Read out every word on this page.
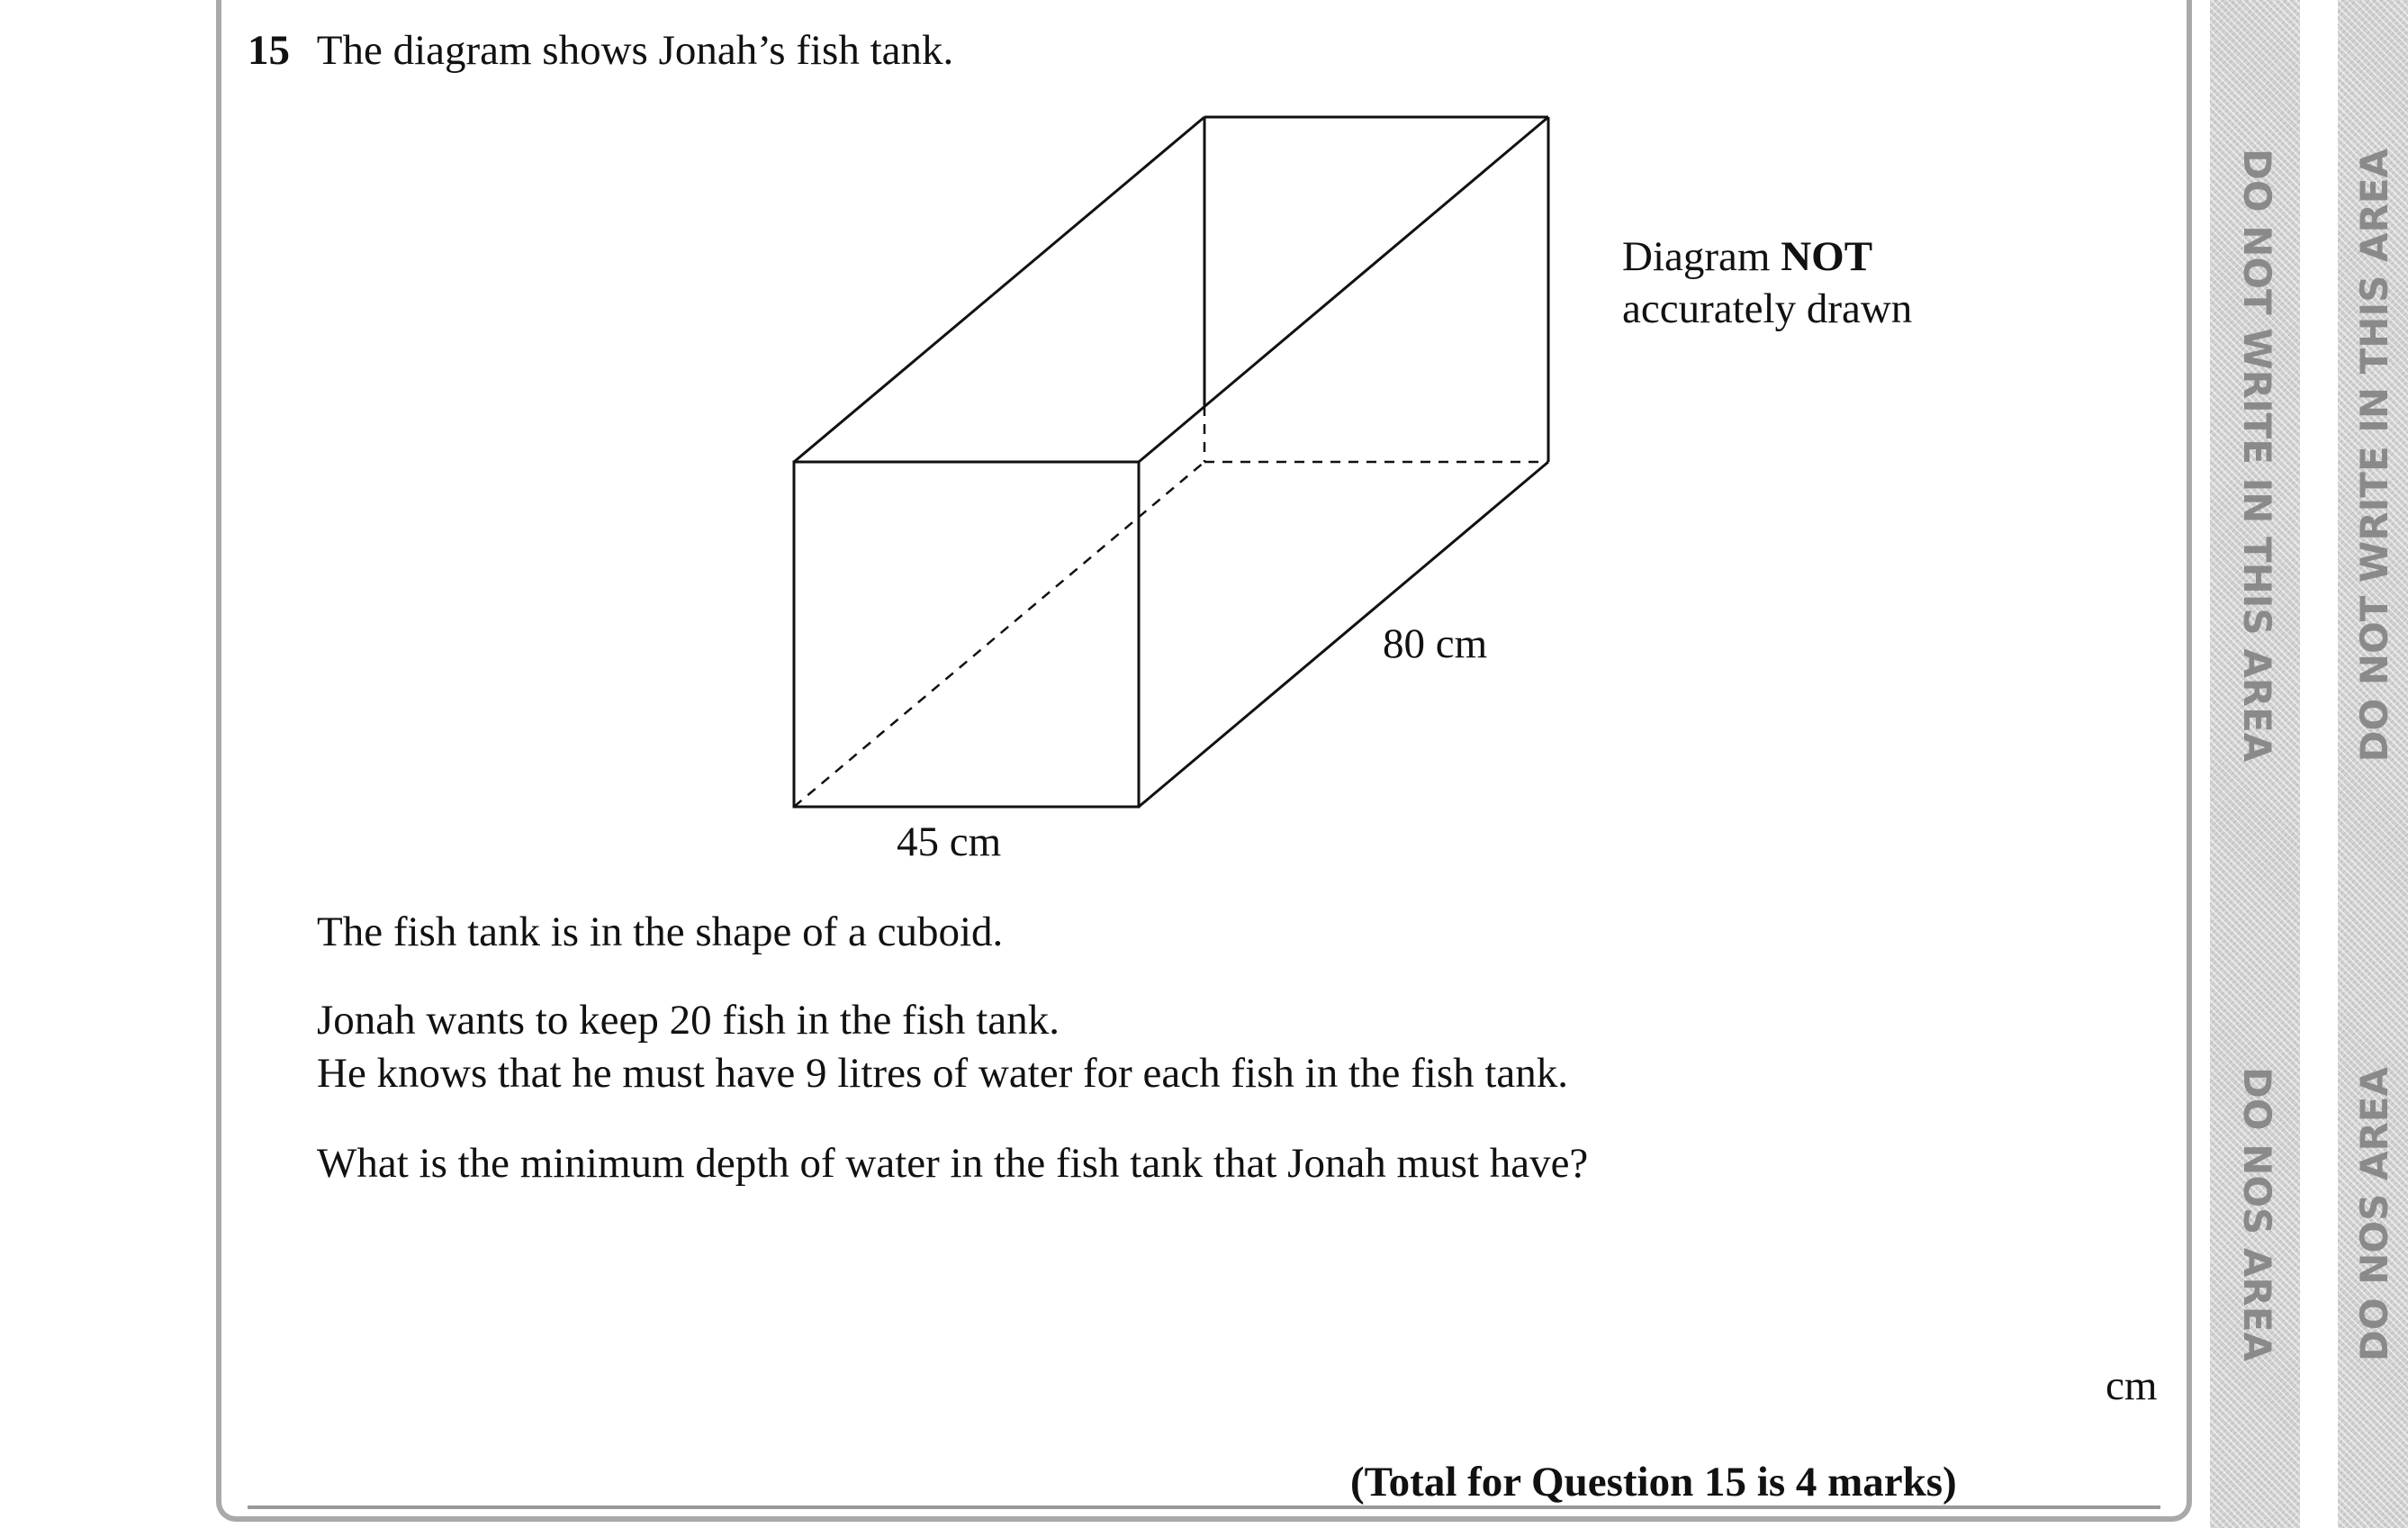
15 The diagram shows Jonah’s fish tank.
Diagram NOT
accurately drawn
80 cm
45 cm
The fish tank is in the shape of a cuboid.
Jonah wants to keep 20 fish in the fish tank.
He knows that he must have 9 litres of water for each fish in the fish tank.
What is the minimum depth of water in the fish tank that Jonah must have?
cm
(Total for Question 15 is 4 marks)
DO NOT WRITE IN THIS AREA
DO NOS AREA
DO NOT WRITE IN THIS AREA
DO NOS AREA
